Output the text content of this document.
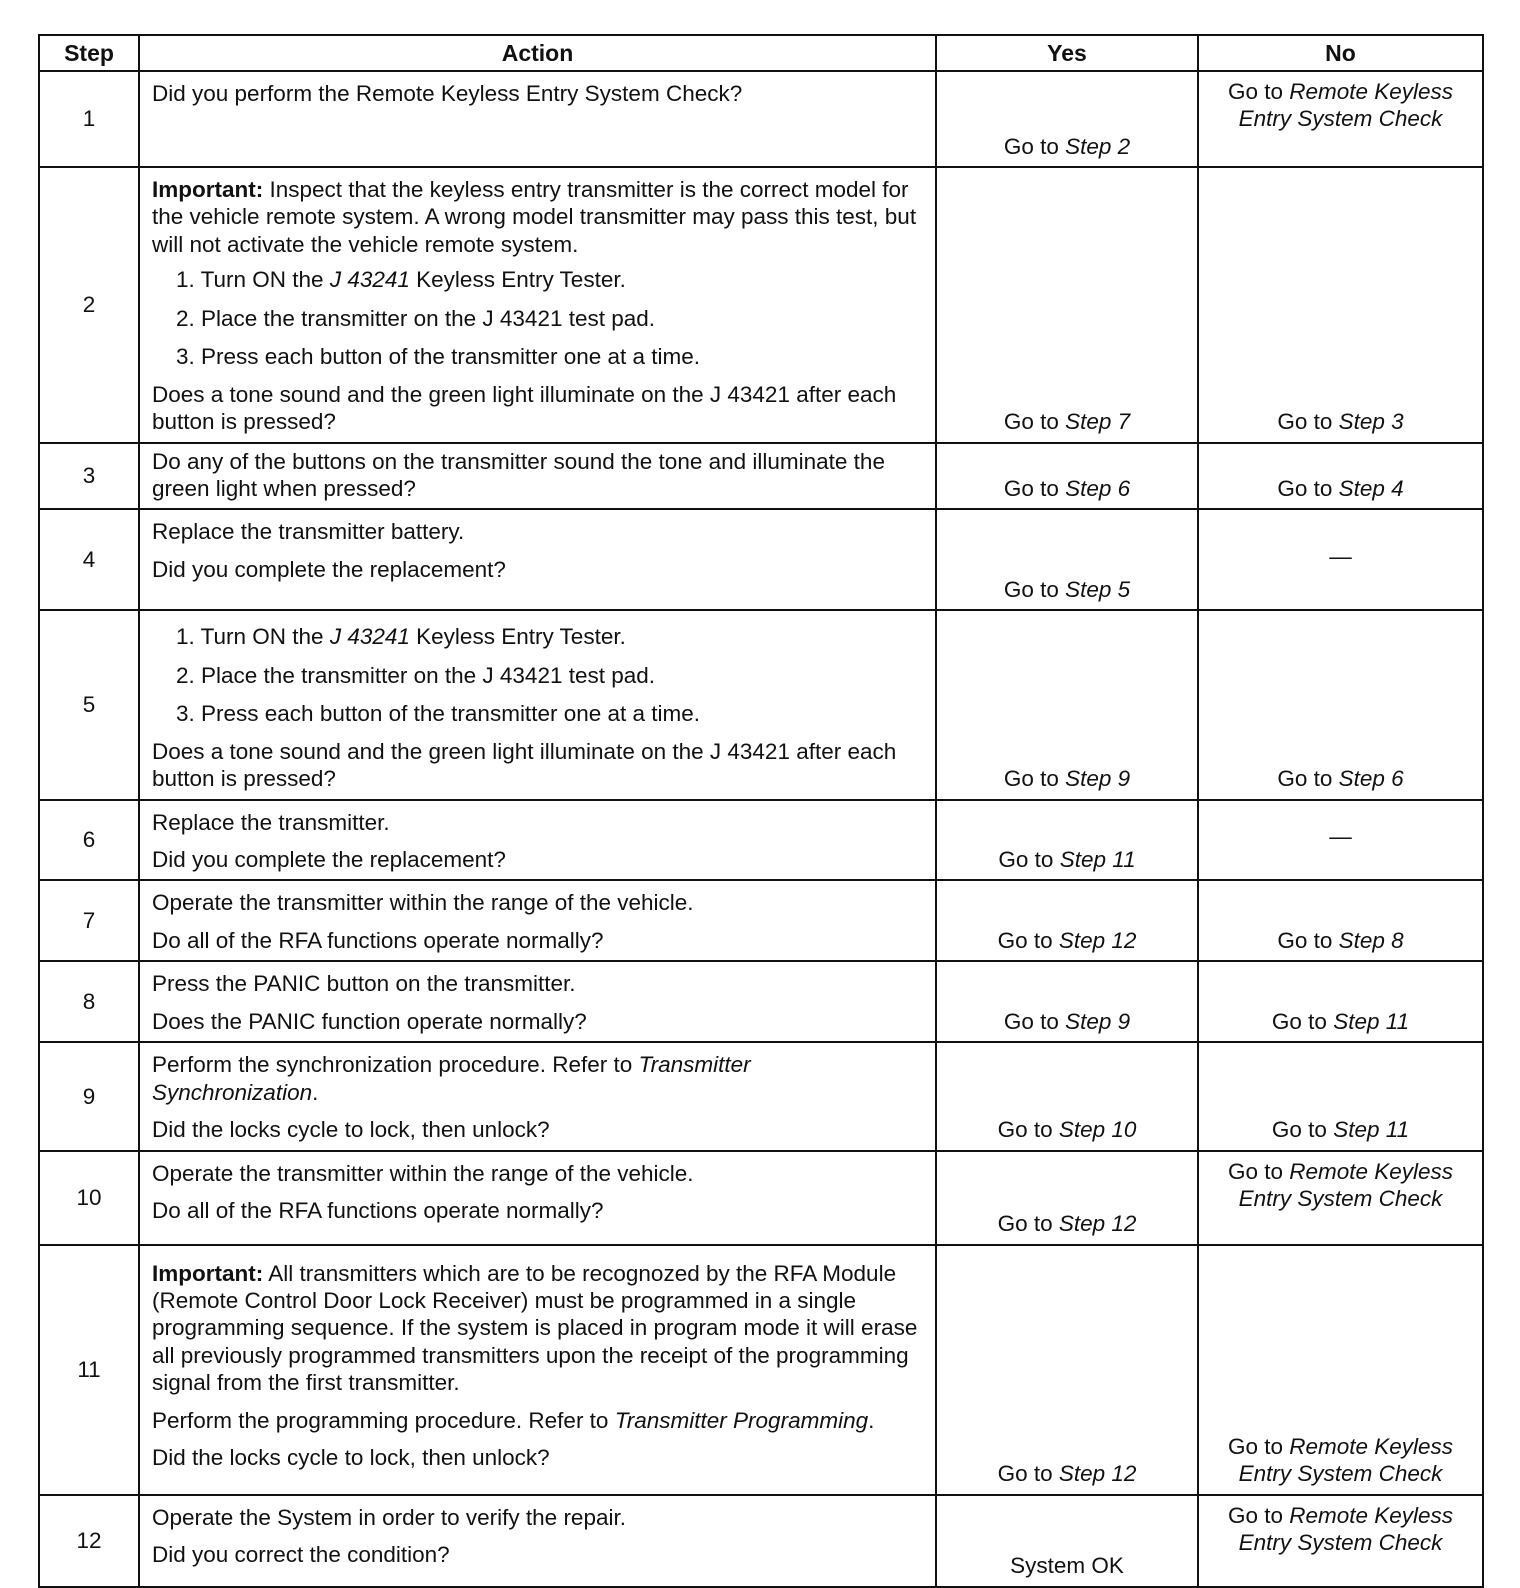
Step	Action	Yes	No
1	Did you perform the Remote Keyless Entry System Check?	Go to Step 2	Go to Remote Keyless Entry System Check
2	Important: Inspect that the keyless entry transmitter is the correct model for the vehicle remote system. A wrong model transmitter may pass this test, but will not activate the vehicle remote system.

1. Turn ON the J 43241 Keyless Entry Tester.

2. Place the transmitter on the J 43421 test pad.

3. Press each button of the transmitter one at a time.

Does a tone sound and the green light illuminate on the J 43421 after each button is pressed?	Go to Step 7	Go to Step 3
3	Do any of the buttons on the transmitter sound the tone and illuminate the green light when pressed?	Go to Step 6	Go to Step 4
4	Replace the transmitter battery.

Did you complete the replacement?	Go to Step 5	—
5	1. Turn ON the J 43241 Keyless Entry Tester.

2. Place the transmitter on the J 43421 test pad.

3. Press each button of the transmitter one at a time.

Does a tone sound and the green light illuminate on the J 43421 after each button is pressed?	Go to Step 9	Go to Step 6
6	Replace the transmitter.

Did you complete the replacement?	Go to Step 11	—
7	Operate the transmitter within the range of the vehicle.

Do all of the RFA functions operate normally?	Go to Step 12	Go to Step 8
8	Press the PANIC button on the transmitter.

Does the PANIC function operate normally?	Go to Step 9	Go to Step 11
9	Perform the synchronization procedure. Refer to Transmitter Synchronization.

Did the locks cycle to lock, then unlock?	Go to Step 10	Go to Step 11
10	Operate the transmitter within the range of the vehicle.

Do all of the RFA functions operate normally?	Go to Step 12	Go to Remote Keyless Entry System Check
11	Important: All transmitters which are to be recognozed by the RFA Module (Remote Control Door Lock Receiver) must be programmed in a single programming sequence. If the system is placed in program mode it will erase all previously programmed transmitters upon the receipt of the programming signal from the first transmitter.

Perform the programming procedure. Refer to Transmitter Programming.

Did the locks cycle to lock, then unlock?	Go to Step 12	Go to Remote Keyless Entry System Check
12	Operate the System in order to verify the repair.

Did you correct the condition?	System OK	Go to Remote Keyless Entry System Check
